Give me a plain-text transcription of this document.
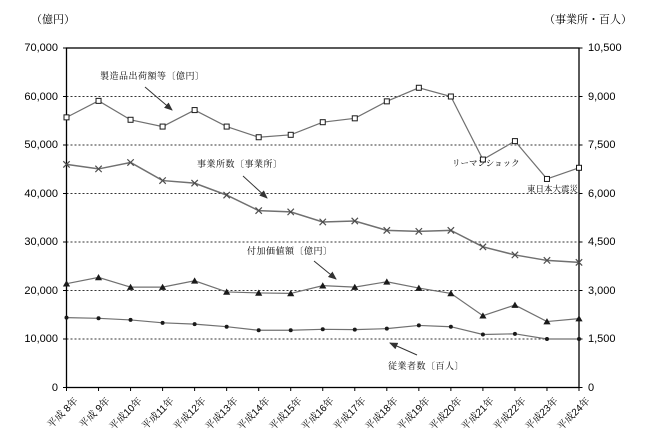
（億円）	（事業所・百人）
製造品出荷額等〔億円〕
事業所数〔事業所〕
付加価値額〔億円〕
従業者数〔百人〕
リーマンショック
東日本大震災
0
10,000
20,000
30,000
40,000
50,000
60,000
70,000
0
1,500
3,000
4,500
6,000
7,500
9,000
10,500
平成 8年
平成 9年
平成10年
平成11年
平成12年
平成13年
平成14年
平成15年
平成16年
平成17年
平成18年
平成19年
平成20年
平成21年
平成22年
平成23年
平成24年
